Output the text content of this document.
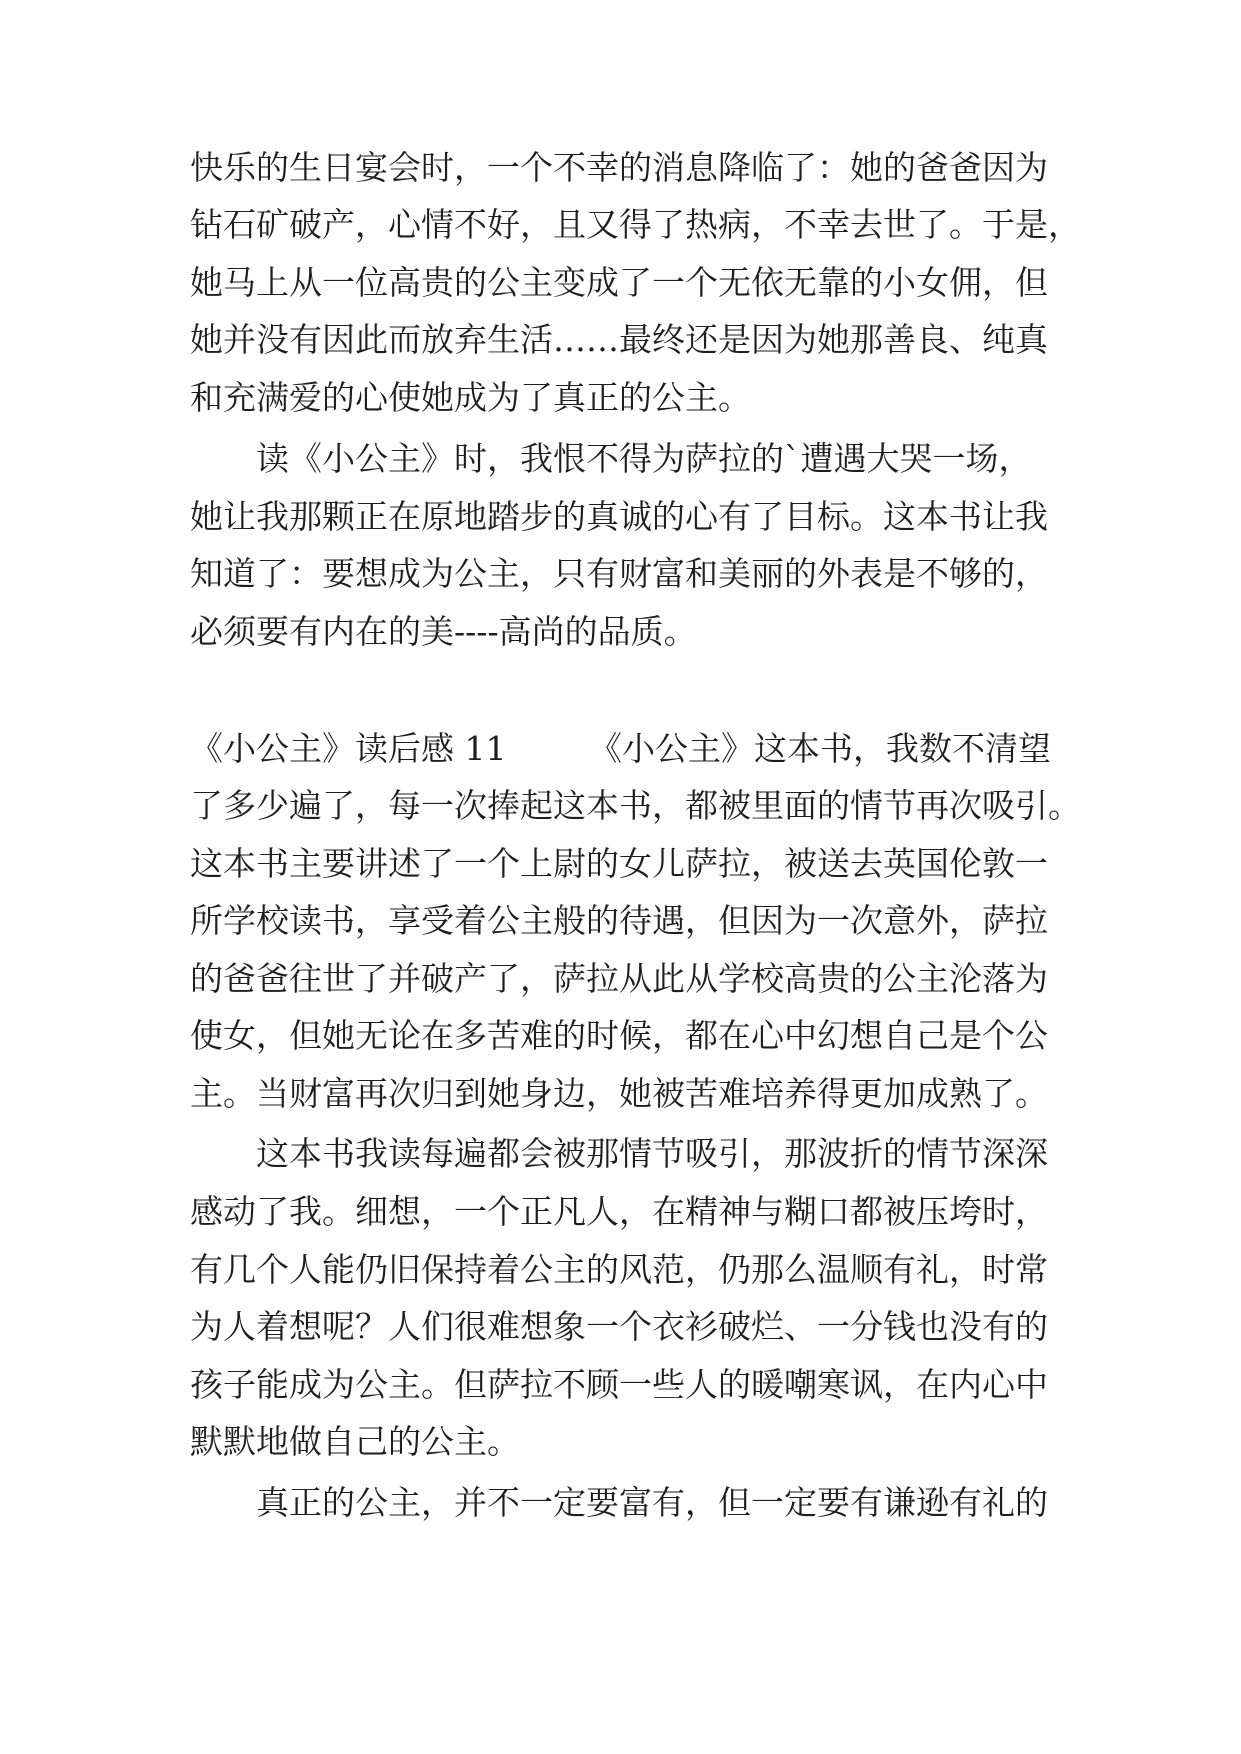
快乐的生日宴会时，一个不幸的消息降临了：她的爸爸因为

钻石矿破产，心情不好，且又得了热病，不幸去世了。于是，

她马上从一位高贵的公主变成了一个无依无靠的小女佣，但

她并没有因此而放弃生活……最终还是因为她那善良、纯真

和充满爱的心使她成为了真正的公主。

读《小公主》时，我恨不得为萨拉的`遭遇大哭一场，

她让我那颗正在原地踏步的真诚的心有了目标。这本书让我

知道了：要想成为公主，只有财富和美丽的外表是不够的，

必须要有内在的美----高尚的品质。

《小公主》读后感 11　　　《小公主》这本书，我数不清望

了多少遍了，每一次捧起这本书，都被里面的情节再次吸引。

这本书主要讲述了一个上尉的女儿萨拉，被送去英国伦敦一

所学校读书，享受着公主般的待遇，但因为一次意外，萨拉

的爸爸往世了并破产了，萨拉从此从学校高贵的公主沦落为

使女，但她无论在多苦难的时候，都在心中幻想自己是个公

主。当财富再次归到她身边，她被苦难培养得更加成熟了。

这本书我读每遍都会被那情节吸引，那波折的情节深深

感动了我。细想，一个正凡人，在精神与糊口都被压垮时，

有几个人能仍旧保持着公主的风范，仍那么温顺有礼，时常

为人着想呢？人们很难想象一个衣衫破烂、一分钱也没有的

孩子能成为公主。但萨拉不顾一些人的暖嘲寒讽，在内心中

默默地做自己的公主。

真正的公主，并不一定要富有，但一定要有谦逊有礼的
